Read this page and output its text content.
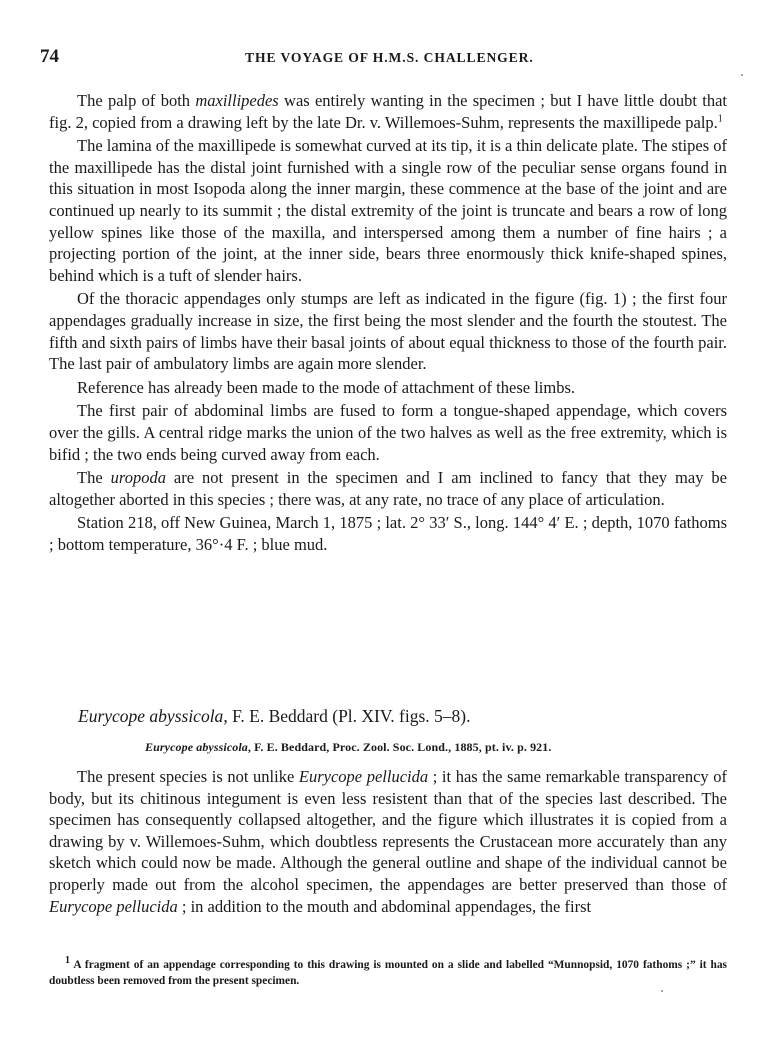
74	THE VOYAGE OF H.M.S. CHALLENGER.

The palp of both maxillipedes was entirely wanting in the specimen ; but I have little doubt that fig. 2, copied from a drawing left by the late Dr. v. Willemoes-Suhm, represents the maxillipede palp.$^1$

The lamina of the maxillipede is somewhat curved at its tip, it is a thin delicate plate. The stipes of the maxillipede has the distal joint furnished with a single row of the peculiar sense organs found in this situation in most Isopoda along the inner margin, these commence at the base of the joint and are continued up nearly to its summit ; the distal extremity of the joint is truncate and bears a row of long yellow spines like those of the maxilla, and interspersed among them a number of fine hairs ; a projecting portion of the joint, at the inner side, bears three enormously thick knife-shaped spines, behind which is a tuft of slender hairs.

Of the thoracic appendages only stumps are left as indicated in the figure (fig. 1) ; the first four appendages gradually increase in size, the first being the most slender and the fourth the stoutest. The fifth and sixth pairs of limbs have their basal joints of about equal thickness to those of the fourth pair. The last pair of ambulatory limbs are again more slender.

Reference has already been made to the mode of attachment of these limbs.

The first pair of abdominal limbs are fused to form a tongue-shaped appendage, which covers over the gills. A central ridge marks the union of the two halves as well as the free extremity, which is bifid ; the two ends being curved away from each.

The uropoda are not present in the specimen and I am inclined to fancy that they may be altogether aborted in this species ; there was, at any rate, no trace of any place of articulation.

Station 218, off New Guinea, March 1, 1875 ; lat. 2° 33′ S., long. 144° 4′ E. ; depth, 1070 fathoms ; bottom temperature, 36°·4 F. ; blue mud.

Eurycope abyssicola, F. E. Beddard (Pl. XIV. figs. 5–8).
Eurycope abyssicola, F. E. Beddard, Proc. Zool. Soc. Lond., 1885, pt. iv. p. 921.

The present species is not unlike Eurycope pellucida ; it has the same remarkable transparency of body, but its chitinous integument is even less resistent than that of the species last described. The specimen has consequently collapsed altogether, and the figure which illustrates it is copied from a drawing by v. Willemoes-Suhm, which doubtless represents the Crustacean more accurately than any sketch which could now be made. Although the general outline and shape of the individual cannot be properly made out from the alcohol specimen, the appendages are better preserved than those of Eurycope pellucida ; in addition to the mouth and abdominal appendages, the first

$^1$ A fragment of an appendage corresponding to this drawing is mounted on a slide and labelled “Munnopsid, 1070 fathoms ;” it has doubtless been removed from the present specimen.
